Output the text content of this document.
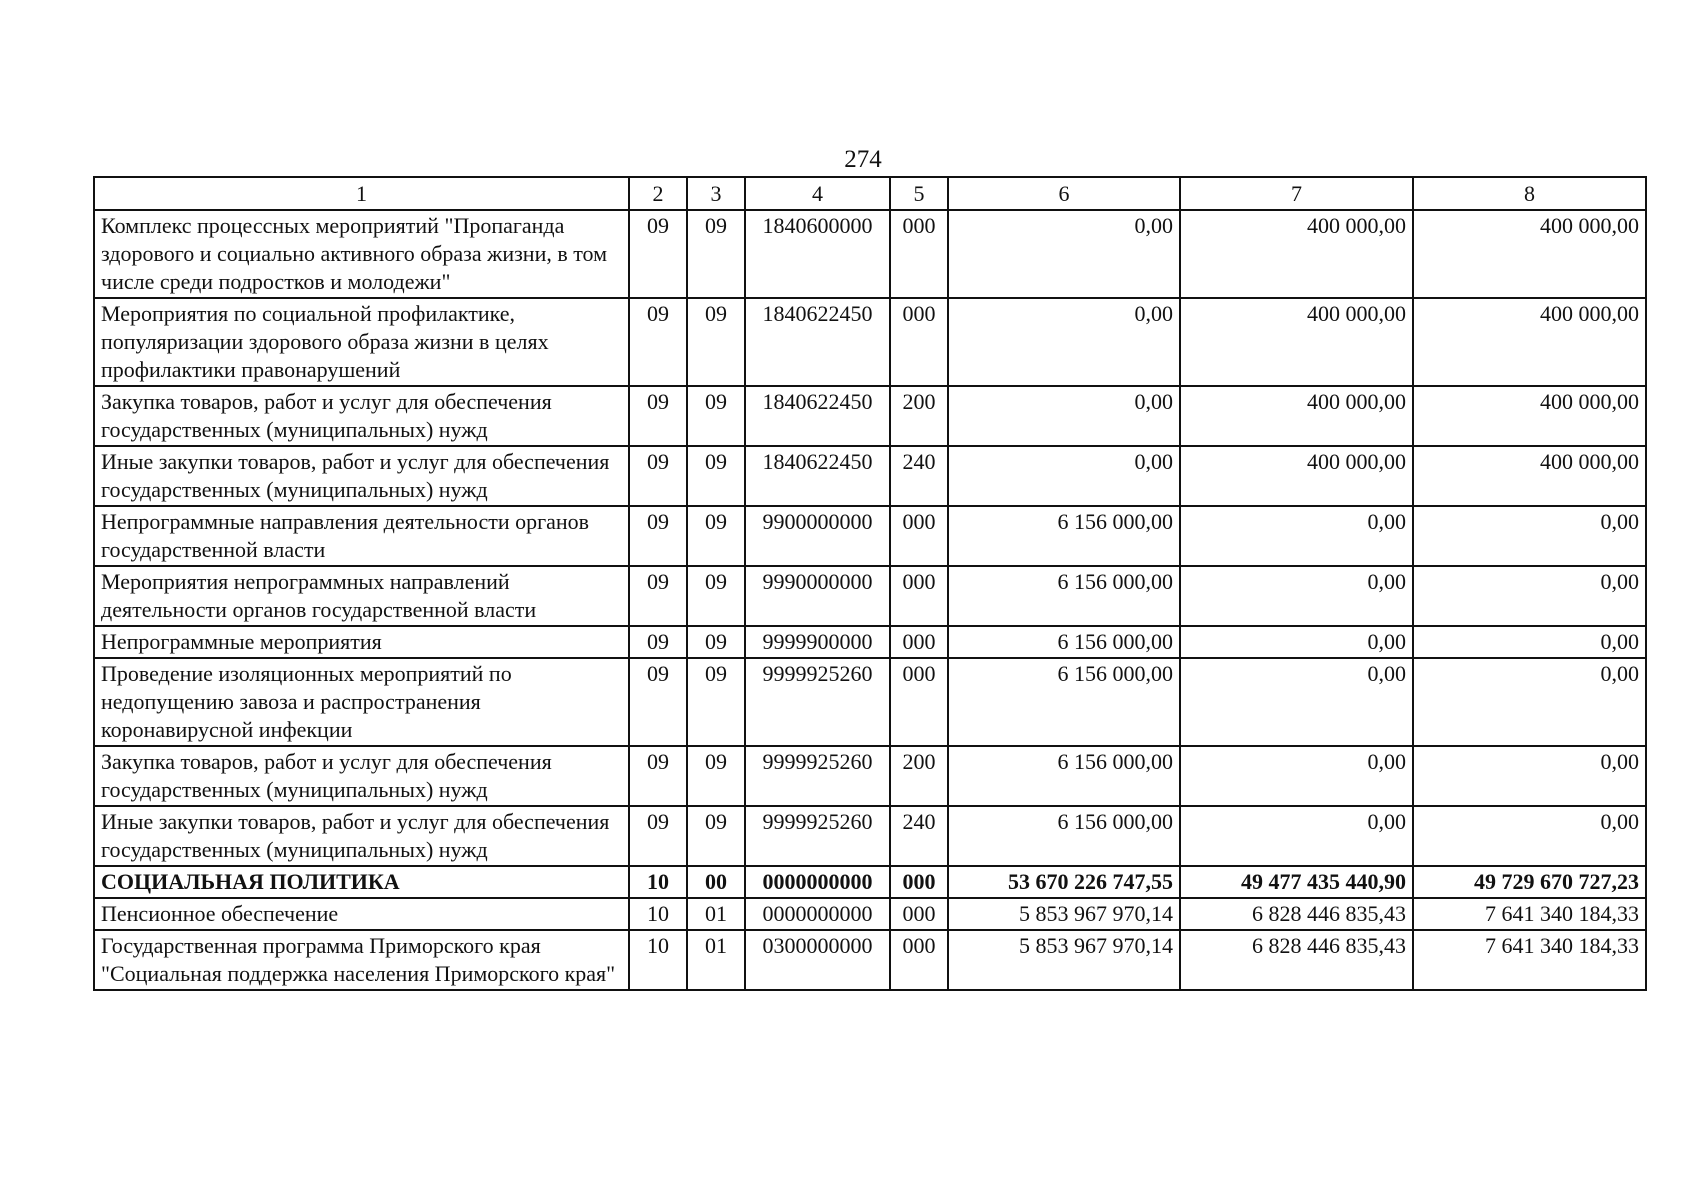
274
1	2	3	4	5	6	7	8
Комплекс процессных мероприятий "Пропаганда здорового и социально активного образа жизни, в том числе среди подростков и молодежи"	09	09	1840600000	000	0,00	400 000,00	400 000,00
Мероприятия по социальной профилактике, популяризации здорового образа жизни в целях профилактики правонарушений	09	09	1840622450	000	0,00	400 000,00	400 000,00
Закупка товаров, работ и услуг для обеспечения государственных (муниципальных) нужд	09	09	1840622450	200	0,00	400 000,00	400 000,00
Иные закупки товаров, работ и услуг для обеспечения государственных (муниципальных) нужд	09	09	1840622450	240	0,00	400 000,00	400 000,00
Непрограммные направления деятельности органов государственной власти	09	09	9900000000	000	6 156 000,00	0,00	0,00
Мероприятия непрограммных направлений деятельности органов государственной власти	09	09	9990000000	000	6 156 000,00	0,00	0,00
Непрограммные мероприятия	09	09	9999900000	000	6 156 000,00	0,00	0,00
Проведение изоляционных мероприятий по недопущению завоза и распространения коронавирусной инфекции	09	09	9999925260	000	6 156 000,00	0,00	0,00
Закупка товаров, работ и услуг для обеспечения государственных (муниципальных) нужд	09	09	9999925260	200	6 156 000,00	0,00	0,00
Иные закупки товаров, работ и услуг для обеспечения государственных (муниципальных) нужд	09	09	9999925260	240	6 156 000,00	0,00	0,00
СОЦИАЛЬНАЯ ПОЛИТИКА	10	00	0000000000	000	53 670 226 747,55	49 477 435 440,90	49 729 670 727,23
Пенсионное обеспечение	10	01	0000000000	000	5 853 967 970,14	6 828 446 835,43	7 641 340 184,33
Государственная программа Приморского края "Социальная поддержка населения Приморского края"	10	01	0300000000	000	5 853 967 970,14	6 828 446 835,43	7 641 340 184,33
